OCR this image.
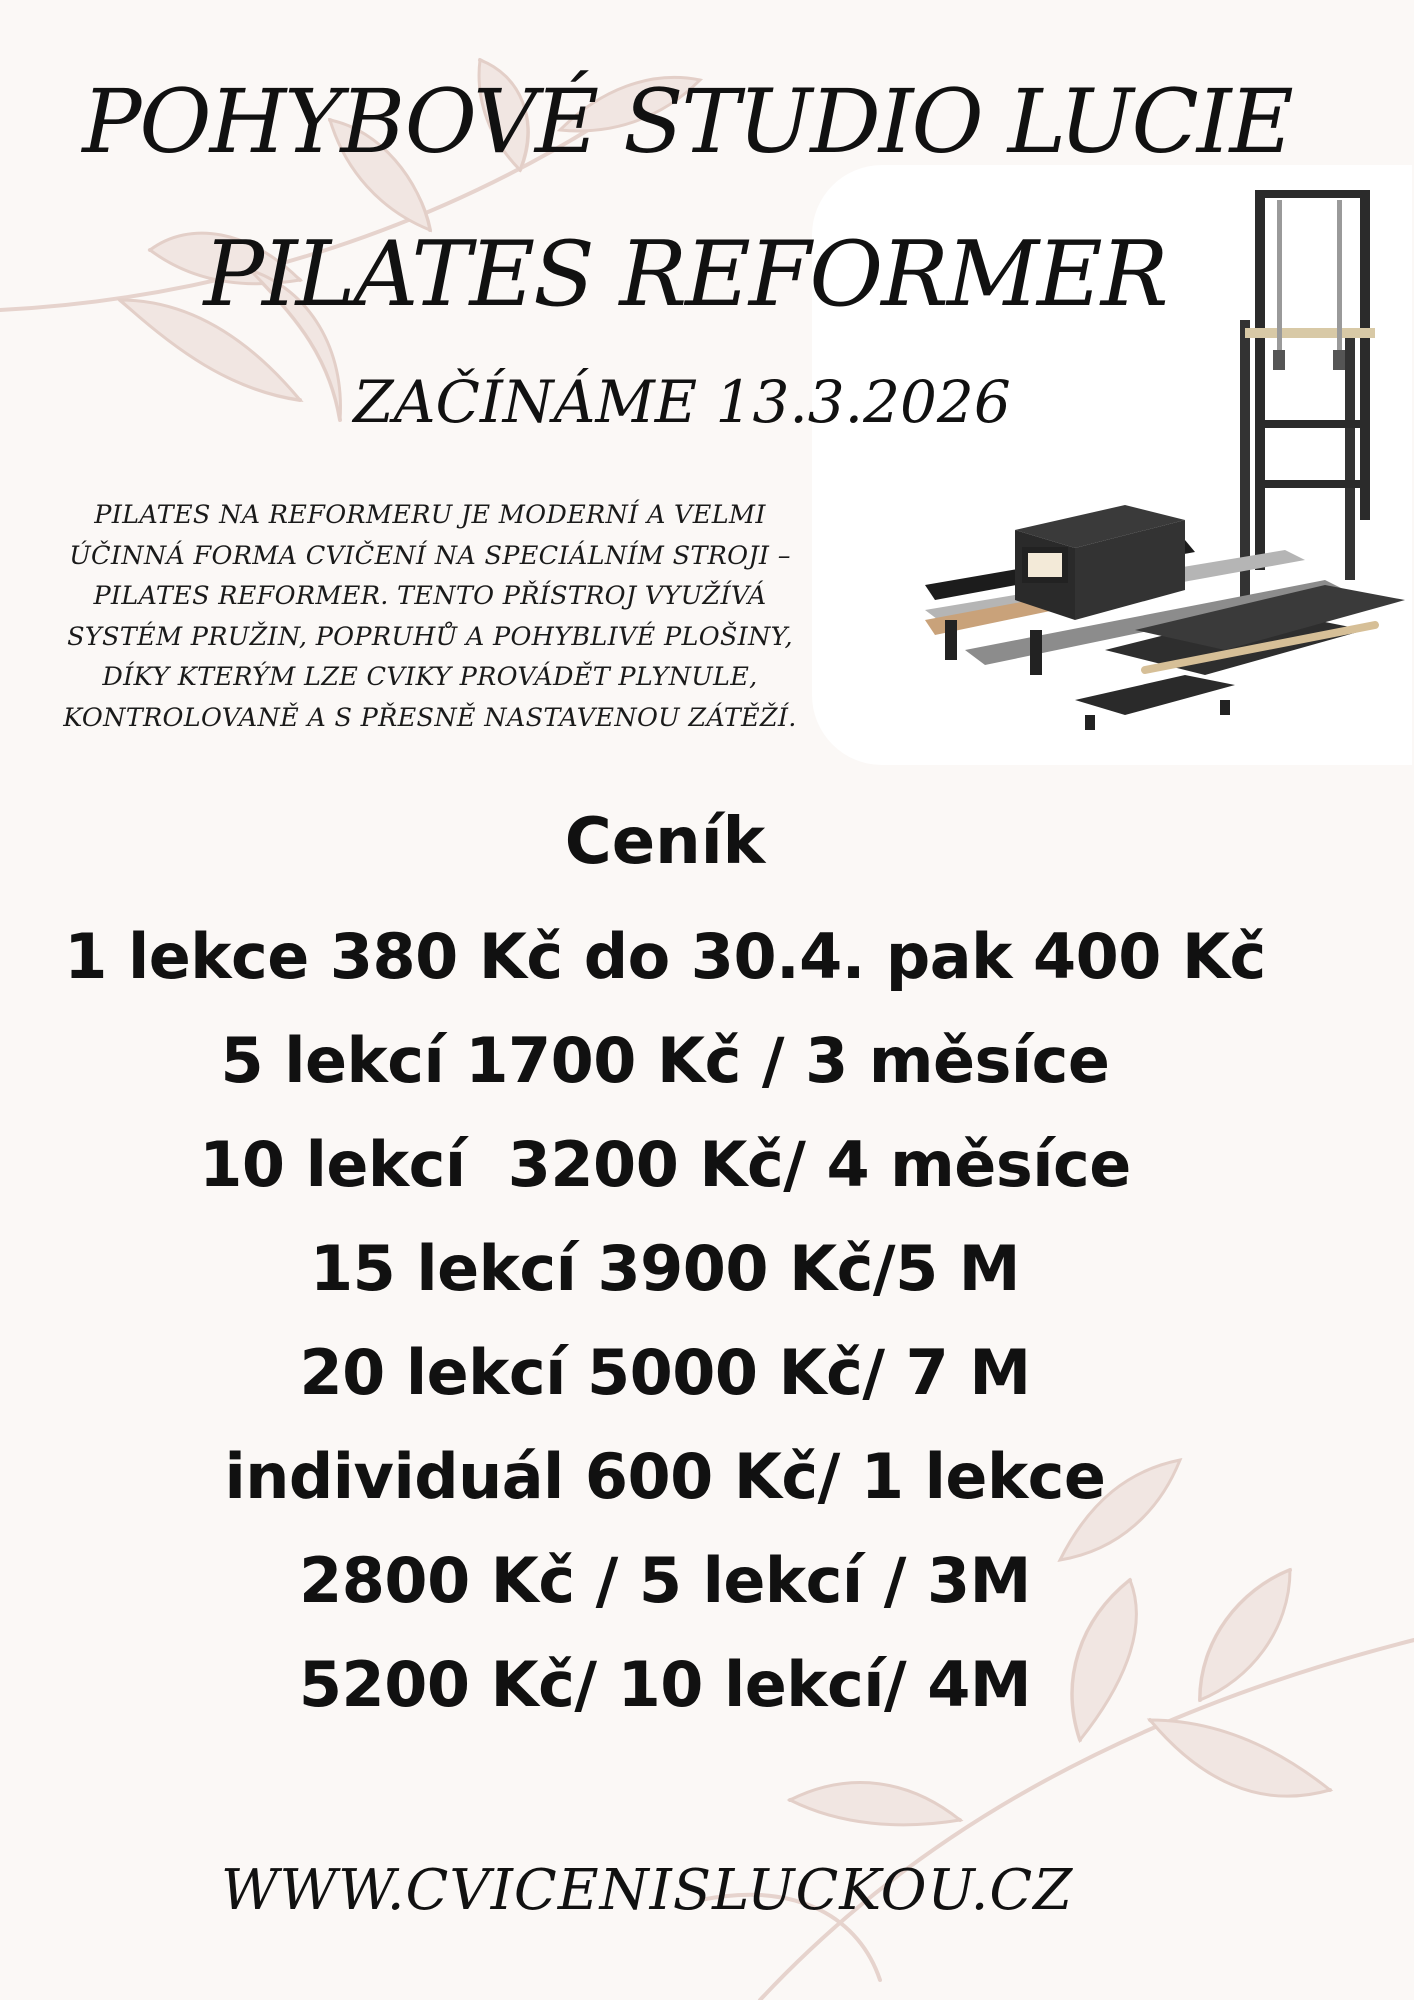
POHYBOVÉ STUDIO LUCIE
PILATES REFORMER
ZAČÍNÁME 13.3.2026
PILATES NA REFORMERU JE MODERNÍ A VELMI
ÚČINNÁ FORMA CVIČENÍ NA SPECIÁLNÍM STROJI –
PILATES REFORMER. TENTO PŘÍSTROJ VYUŽÍVÁ
SYSTÉM PRUŽIN, POPRUHŮ A POHYBLIVÉ PLOŠINY,
DÍKY KTERÝM LZE CVIKY PROVÁDĚT PLYNULE,
KONTROLOVANĚ A S PŘESNĚ NASTAVENOU ZÁTĚŽÍ.
Ceník
1 lekce 380 Kč do 30.4. pak 400 Kč
5 lekcí 1700 Kč / 3 měsíce
10 lekcí  3200 Kč/ 4 měsíce
15 lekcí 3900 Kč/5 M
20 lekcí 5000 Kč/ 7 M
individuál 600 Kč/ 1 lekce
2800 Kč / 5 lekcí / 3M
5200 Kč/ 10 lekcí/ 4M
WWW.CVICENISLUCKOU.CZ
